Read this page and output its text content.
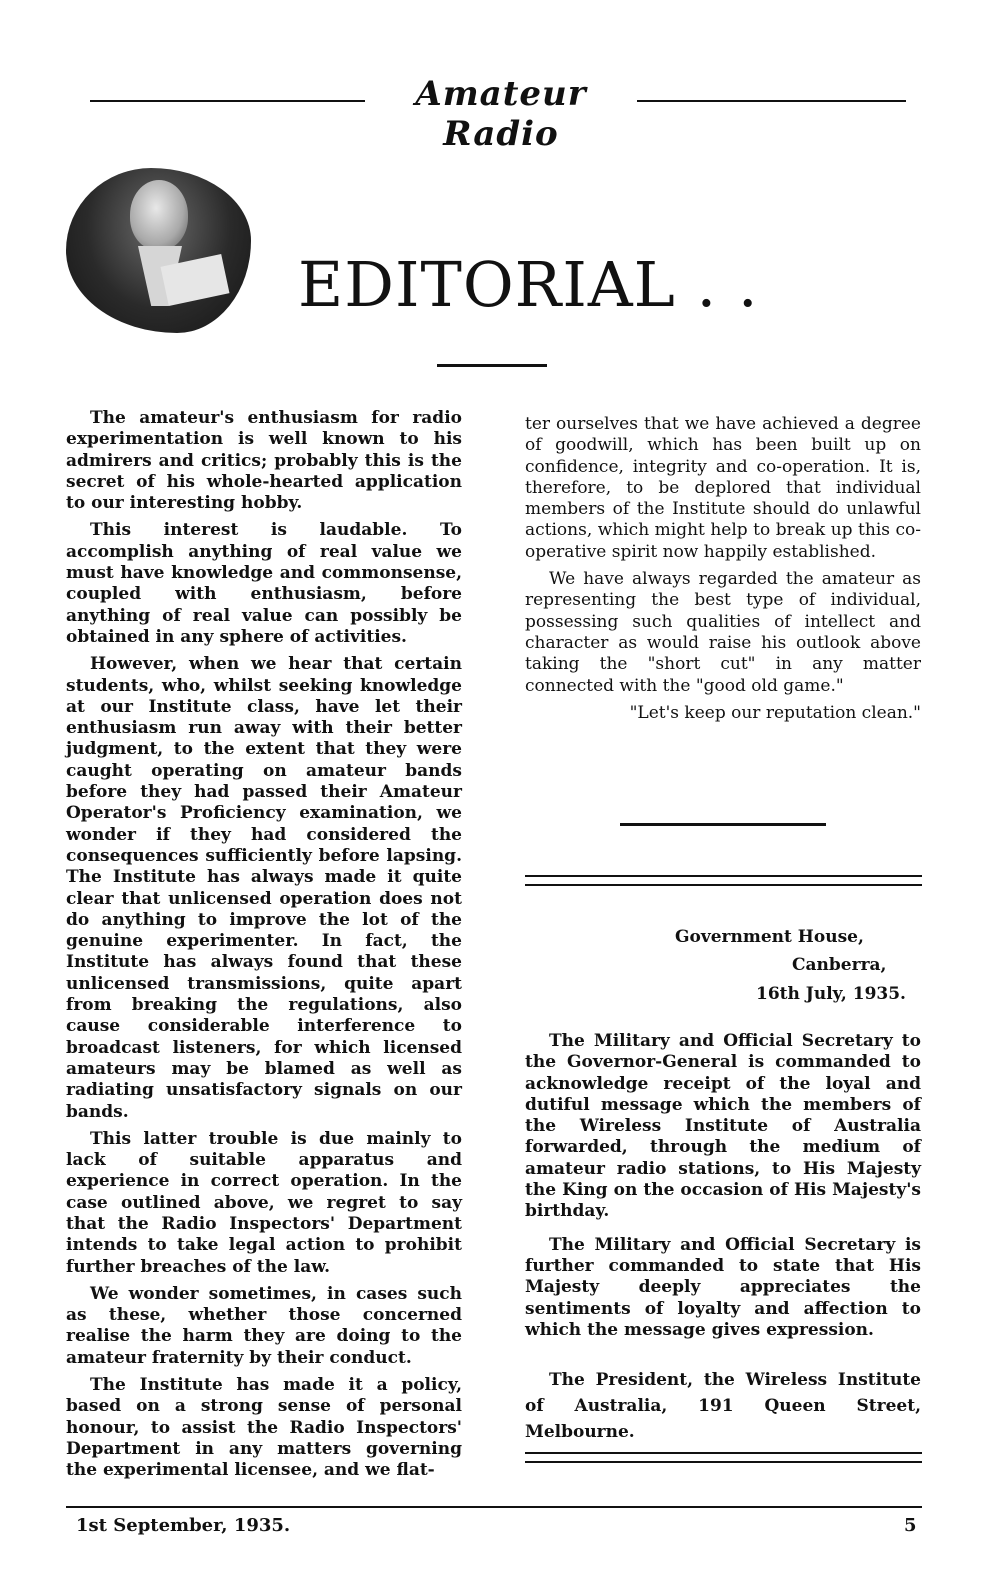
Amateur Radio
EDITORIAL . .

The amateur's enthusiasm for radio experimentation is well known to his admirers and critics; probably this is the secret of his whole-hearted application to our interesting hobby.

This interest is laudable. To accomplish anything of real value we must have knowledge and commonsense, coupled with enthusiasm, before anything of real value can possibly be obtained in any sphere of activities.

However, when we hear that certain students, who, whilst seeking knowledge at our Institute class, have let their enthusiasm run away with their better judgment, to the extent that they were caught operating on amateur bands before they had passed their Amateur Operator's Proficiency examination, we wonder if they had considered the consequences sufficiently before lapsing. The Institute has always made it quite clear that unlicensed operation does not do anything to improve the lot of the genuine experimenter. In fact, the Institute has always found that these unlicensed transmissions, quite apart from breaking the regulations, also cause considerable interference to broadcast listeners, for which licensed amateurs may be blamed as well as radiating unsatisfactory signals on our bands.

This latter trouble is due mainly to lack of suitable apparatus and experience in correct operation. In the case outlined above, we regret to say that the Radio Inspectors' Department intends to take legal action to prohibit further breaches of the law.

We wonder sometimes, in cases such as these, whether those concerned realise the harm they are doing to the amateur fraternity by their conduct.

The Institute has made it a policy, based on a strong sense of personal honour, to assist the Radio Inspectors' Department in any matters governing the experimental licensee, and we flat-

ter ourselves that we have achieved a degree of goodwill, which has been built up on confidence, integrity and co-operation. It is, therefore, to be deplored that individual members of the Institute should do unlawful actions, which might help to break up this co-operative spirit now happily established.

We have always regarded the amateur as representing the best type of individual, possessing such qualities of intellect and character as would raise his outlook above taking the "short cut" in any matter connected with the "good old game."

"Let's keep our reputation clean."

Government House,
Canberra,
16th July, 1935.

The Military and Official Secretary to the Governor-General is commanded to acknowledge receipt of the loyal and dutiful message which the members of the Wireless Institute of Australia forwarded, through the medium of amateur radio stations, to His Majesty the King on the occasion of His Majesty's birthday.

The Military and Official Secretary is further commanded to state that His Majesty deeply appreciates the sentiments of loyalty and affection to which the message gives expression.

The President, the Wireless Institute of Australia, 191 Queen Street, Melbourne.

1st September, 1935.	5
